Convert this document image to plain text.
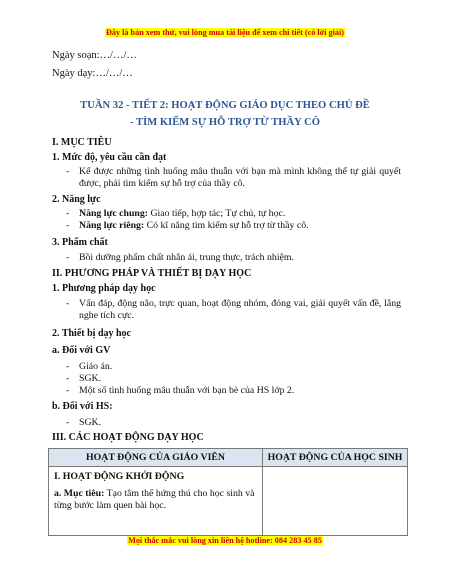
Đây là bản xem thử, vui lòng mua tài liệu để xem chi tiết (có lời giải)
Ngày soạn:…/…/…
Ngày dạy:…/…/…
TUẦN 32 - TIẾT 2: HOẠT ĐỘNG GIÁO DỤC THEO CHỦ ĐỀ
- TÌM KIẾM SỰ HỖ TRỢ TỪ THẦY CÔ
I. MỤC TIÊU
1. Mức độ, yêu cầu cần đạt
- Kể được những tình huống mâu thuẫn với bạn mà mình không thể tự giải quyết được, phải tìm kiếm sự hỗ trợ của thầy cô.
2. Năng lực
- Năng lực chung: Giao tiếp, hợp tác; Tự chủ, tự học.
- Năng lực riêng: Có kĩ năng tìm kiếm sự hỗ trợ từ thầy cô.
3. Phẩm chất
- Bồi dưỡng phẩm chất nhân ái, trung thực, trách nhiệm.
II. PHƯƠNG PHÁP VÀ THIẾT BỊ DẠY HỌC
1. Phương pháp dạy học
- Vấn đáp, động não, trực quan, hoạt động nhóm, đóng vai, giải quyết vấn đề, lắng nghe tích cực.
2. Thiết bị dạy học
a. Đối với GV
- Giáo án.
- SGK.
- Một số tình huống mâu thuẫn với bạn bè của HS lớp 2.
b. Đối với HS:
- SGK.
III. CÁC HOẠT ĐỘNG DẠY HỌC
HOẠT ĐỘNG CỦA GIÁO VIÊN	HOẠT ĐỘNG CỦA HỌC SINH

I. HOẠT ĐỘNG KHỞI ĐỘNG
a. Mục tiêu: Tạo tâm thế hứng thú cho học sinh và từng bước làm quen bài học.	

Mọi thắc mắc vui lòng xin liên hệ hotline: 084 283 45 85
